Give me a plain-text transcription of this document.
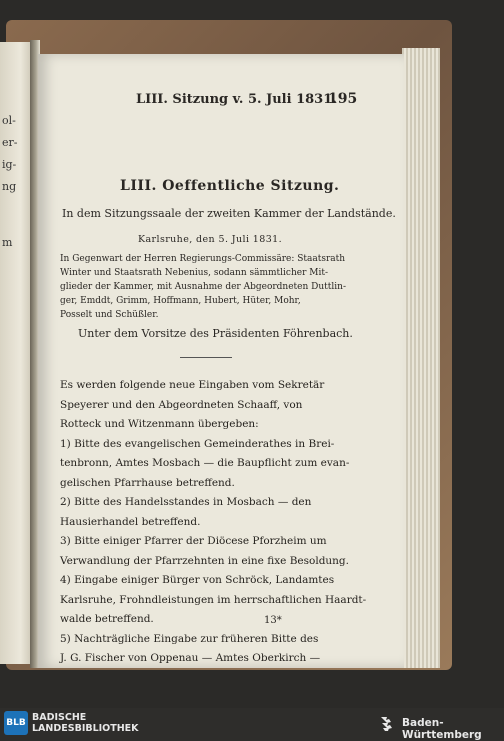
ol-
er-
ig-
ng
m
LIII. Sitzung v. 5. Juli 1831.
195
LIII. Oeffentliche Sitzung.
In dem Sitzungssaale der zweiten Kammer der Landstände.
Karlsruhe, den 5. Juli 1831.
In Gegenwart der Herren Regierungs-Commissäre: Staatsrath
Winter und Staatsrath Nebenius, sodann sämmtlicher Mit-
glieder der Kammer, mit Ausnahme der Abgeordneten Duttlin-
ger, Emddt, Grimm, Hoffmann, Hubert, Hüter, Mohr,
Posselt und Schüßler.
Unter dem Vorsitze des Präsidenten Föhrenbach.
Es werden folgende neue Eingaben vom Sekretär
Speyerer und den Abgeordneten Schaaff, von
Rotteck und Witzenmann übergeben:
1) Bitte des evangelischen Gemeinderathes in Brei-
tenbronn, Amtes Mosbach — die Baupflicht zum evan-
gelischen Pfarrhause betreffend.
2) Bitte des Handelsstandes in Mosbach — den
Hausierhandel betreffend.
3) Bitte einiger Pfarrer der Diöcese Pforzheim um
Verwandlung der Pfarrzehnten in eine fixe Besoldung.
4) Eingabe einiger Bürger von Schröck, Landamtes
Karlsruhe, Frohndleistungen im herrschaftlichen Haardt-
walde betreffend.
5) Nachträgliche Eingabe zur früheren Bitte des
J. G. Fischer von Oppenau — Amtes Oberkirch —
13*
BLB BADISCHE
LANDESBIBLIOTHEK	Baden-Württemberg
